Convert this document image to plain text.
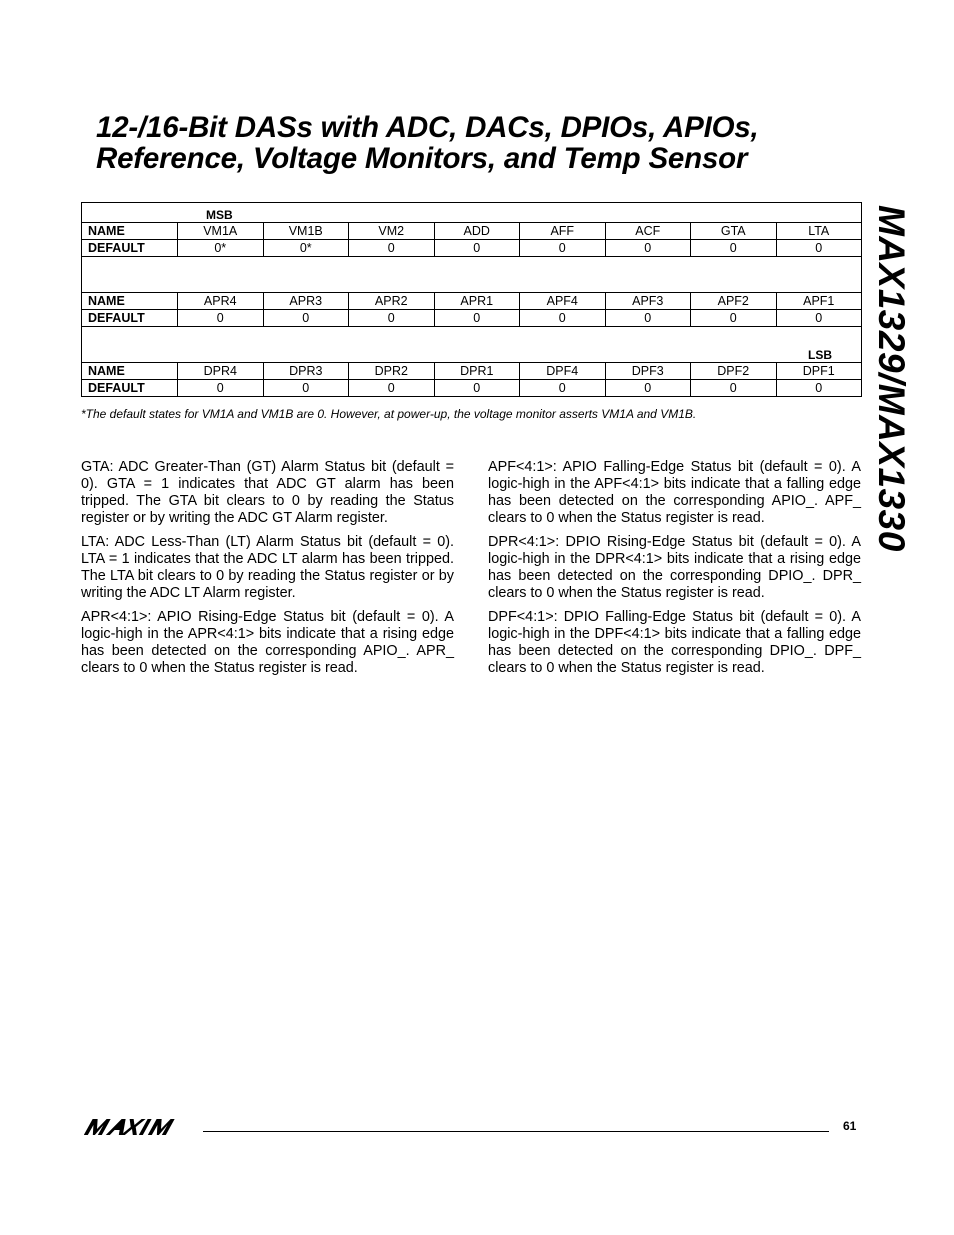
12-/16-Bit DASs with ADC, DACs, DPIOs, APIOs,
Reference, Voltage Monitors, and Temp Sensor
MAX1329/MAX1330

NAME	VM1A	VM1B	VM2	ADD	AFF	ACF	GTA	LTA
DEFAULT	0*	0*	0	0	0	0	0	0

NAME	APR4	APR3	APR2	APR1	APF4	APF3	APF2	APF1
DEFAULT	0	0	0	0	0	0	0	0

NAME	DPR4	DPR3	DPR2	DPR1	DPF4	DPF3	DPF2	DPF1
DEFAULT	0	0	0	0	0	0	0	0
MSB
LSB
*The default states for VM1A and VM1B are 0. However, at power-up, the voltage monitor asserts VM1A and VM1B.

GTA: ADC Greater-Than (GT) Alarm Status bit (default = 0). GTA = 1 indicates that ADC GT alarm has been tripped. The GTA bit clears to 0 by reading the Status register or by writing the ADC GT Alarm register.

LTA: ADC Less-Than (LT) Alarm Status bit (default = 0). LTA = 1 indicates that the ADC LT alarm has been tripped. The LTA bit clears to 0 by reading the Status register or by writing the ADC LT Alarm register.

APR<4:1>: APIO Rising-Edge Status bit (default = 0). A logic-high in the APR<4:1> bits indicate that a rising edge has been detected on the corresponding APIO_. APR_ clears to 0 when the Status register is read.

APF<4:1>: APIO Falling-Edge Status bit (default = 0). A logic-high in the APF<4:1> bits indicate that a falling edge has been detected on the corresponding APIO_. APF_ clears to 0 when the Status register is read.

DPR<4:1>: DPIO Rising-Edge Status bit (default = 0). A logic-high in the DPR<4:1> bits indicate that a rising edge has been detected on the corresponding DPIO_. DPR_ clears to 0 when the Status register is read.

DPF<4:1>: DPIO Falling-Edge Status bit (default = 0). A logic-high in the DPF<4:1> bits indicate that a falling edge has been detected on the corresponding DPIO_. DPF_ clears to 0 when the Status register is read.

61
